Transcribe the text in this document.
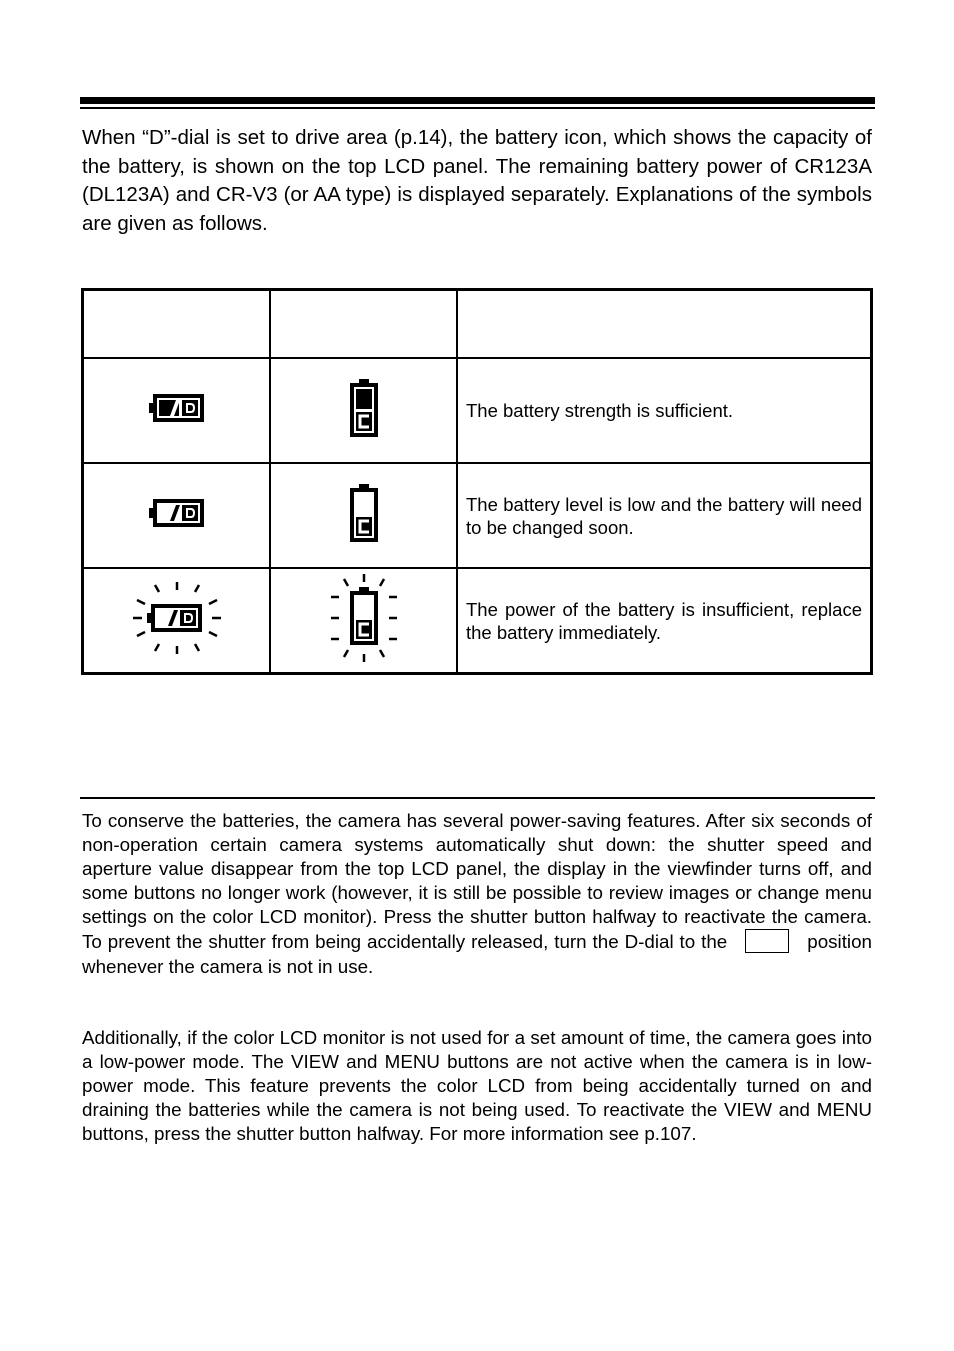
When “D”-dial is set to drive area (p.14), the battery icon, which shows the capacity of the battery, is shown on the top LCD panel. The remaining battery power of CR123A (DL123A) and CR-V3 (or AA type) is displayed separately. Explanations of the symbols are given as follows.

		The battery strength is sufficient.
		The battery level is low and the battery will need to be changed soon.
		The power of the battery is insufficient, replace the battery immediately.

To conserve the batteries, the camera has several power-saving features. After six seconds of non-operation certain camera systems automatically shut down: the shutter speed and aperture value disappear from the top LCD panel, the display in the viewfinder turns off, and some buttons no longer work (however, it is still be possible to review images or change menu settings on the color LCD monitor). Press the shutter button halfway to reactivate the camera. To prevent the shutter from being accidentally released, turn the D-dial to the	position whenever the camera is not in use.

Additionally, if the color LCD monitor is not used for a set amount of time, the camera goes into a low-power mode. The VIEW and MENU buttons are not active when the camera is in low-power mode. This feature prevents the color LCD from being accidentally turned on and draining the batteries while the camera is not being used. To reactivate the VIEW and MENU buttons, press the shutter button halfway. For more information see p.107.
